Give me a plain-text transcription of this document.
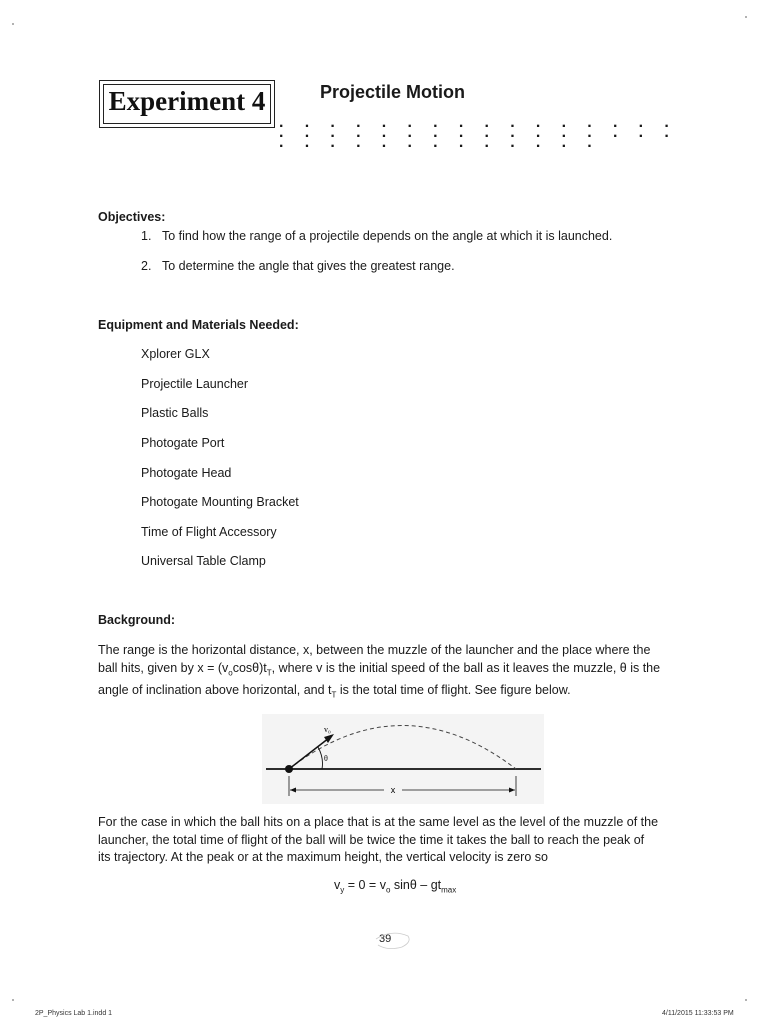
Experiment 4	Projectile Motion
. . . . . . . . . . . . . . . . . . . . . . . . . . . . . . . . . . . . . . . . . . . . .
Objectives:
1. To find how the range of a projectile depends on the angle at which it is launched.
2. To determine the angle that gives the greatest range.
Equipment and Materials Needed:
Xplorer GLX
Projectile Launcher
Plastic Balls
Photogate Port
Photogate Head
Photogate Mounting Bracket
Time of Flight Accessory
Universal Table Clamp
Background:
The range is the horizontal distance, x, between the muzzle of the launcher and the place where the
ball hits, given by $x = (v_o\cos\theta)t_T$, where v is the initial speed of the ball as it leaves the muzzle, θ is the
angle of inclination above horizontal, and $t_T$ is the total time of flight. See figure below.
v₀
θ
x
For the case in which the ball hits on a place that is at the same level as the level of the muzzle of the
launcher, the total time of flight of the ball will be twice the time it takes the ball to reach the peak of
its trajectory. At the peak or at the maximum height, the vertical velocity is zero so
$v_y = 0 = v_o$ sinθ – $gt_{max}$
39
2P_Physics Lab 1.indd 1	4/11/2015 11:33:53 PM
